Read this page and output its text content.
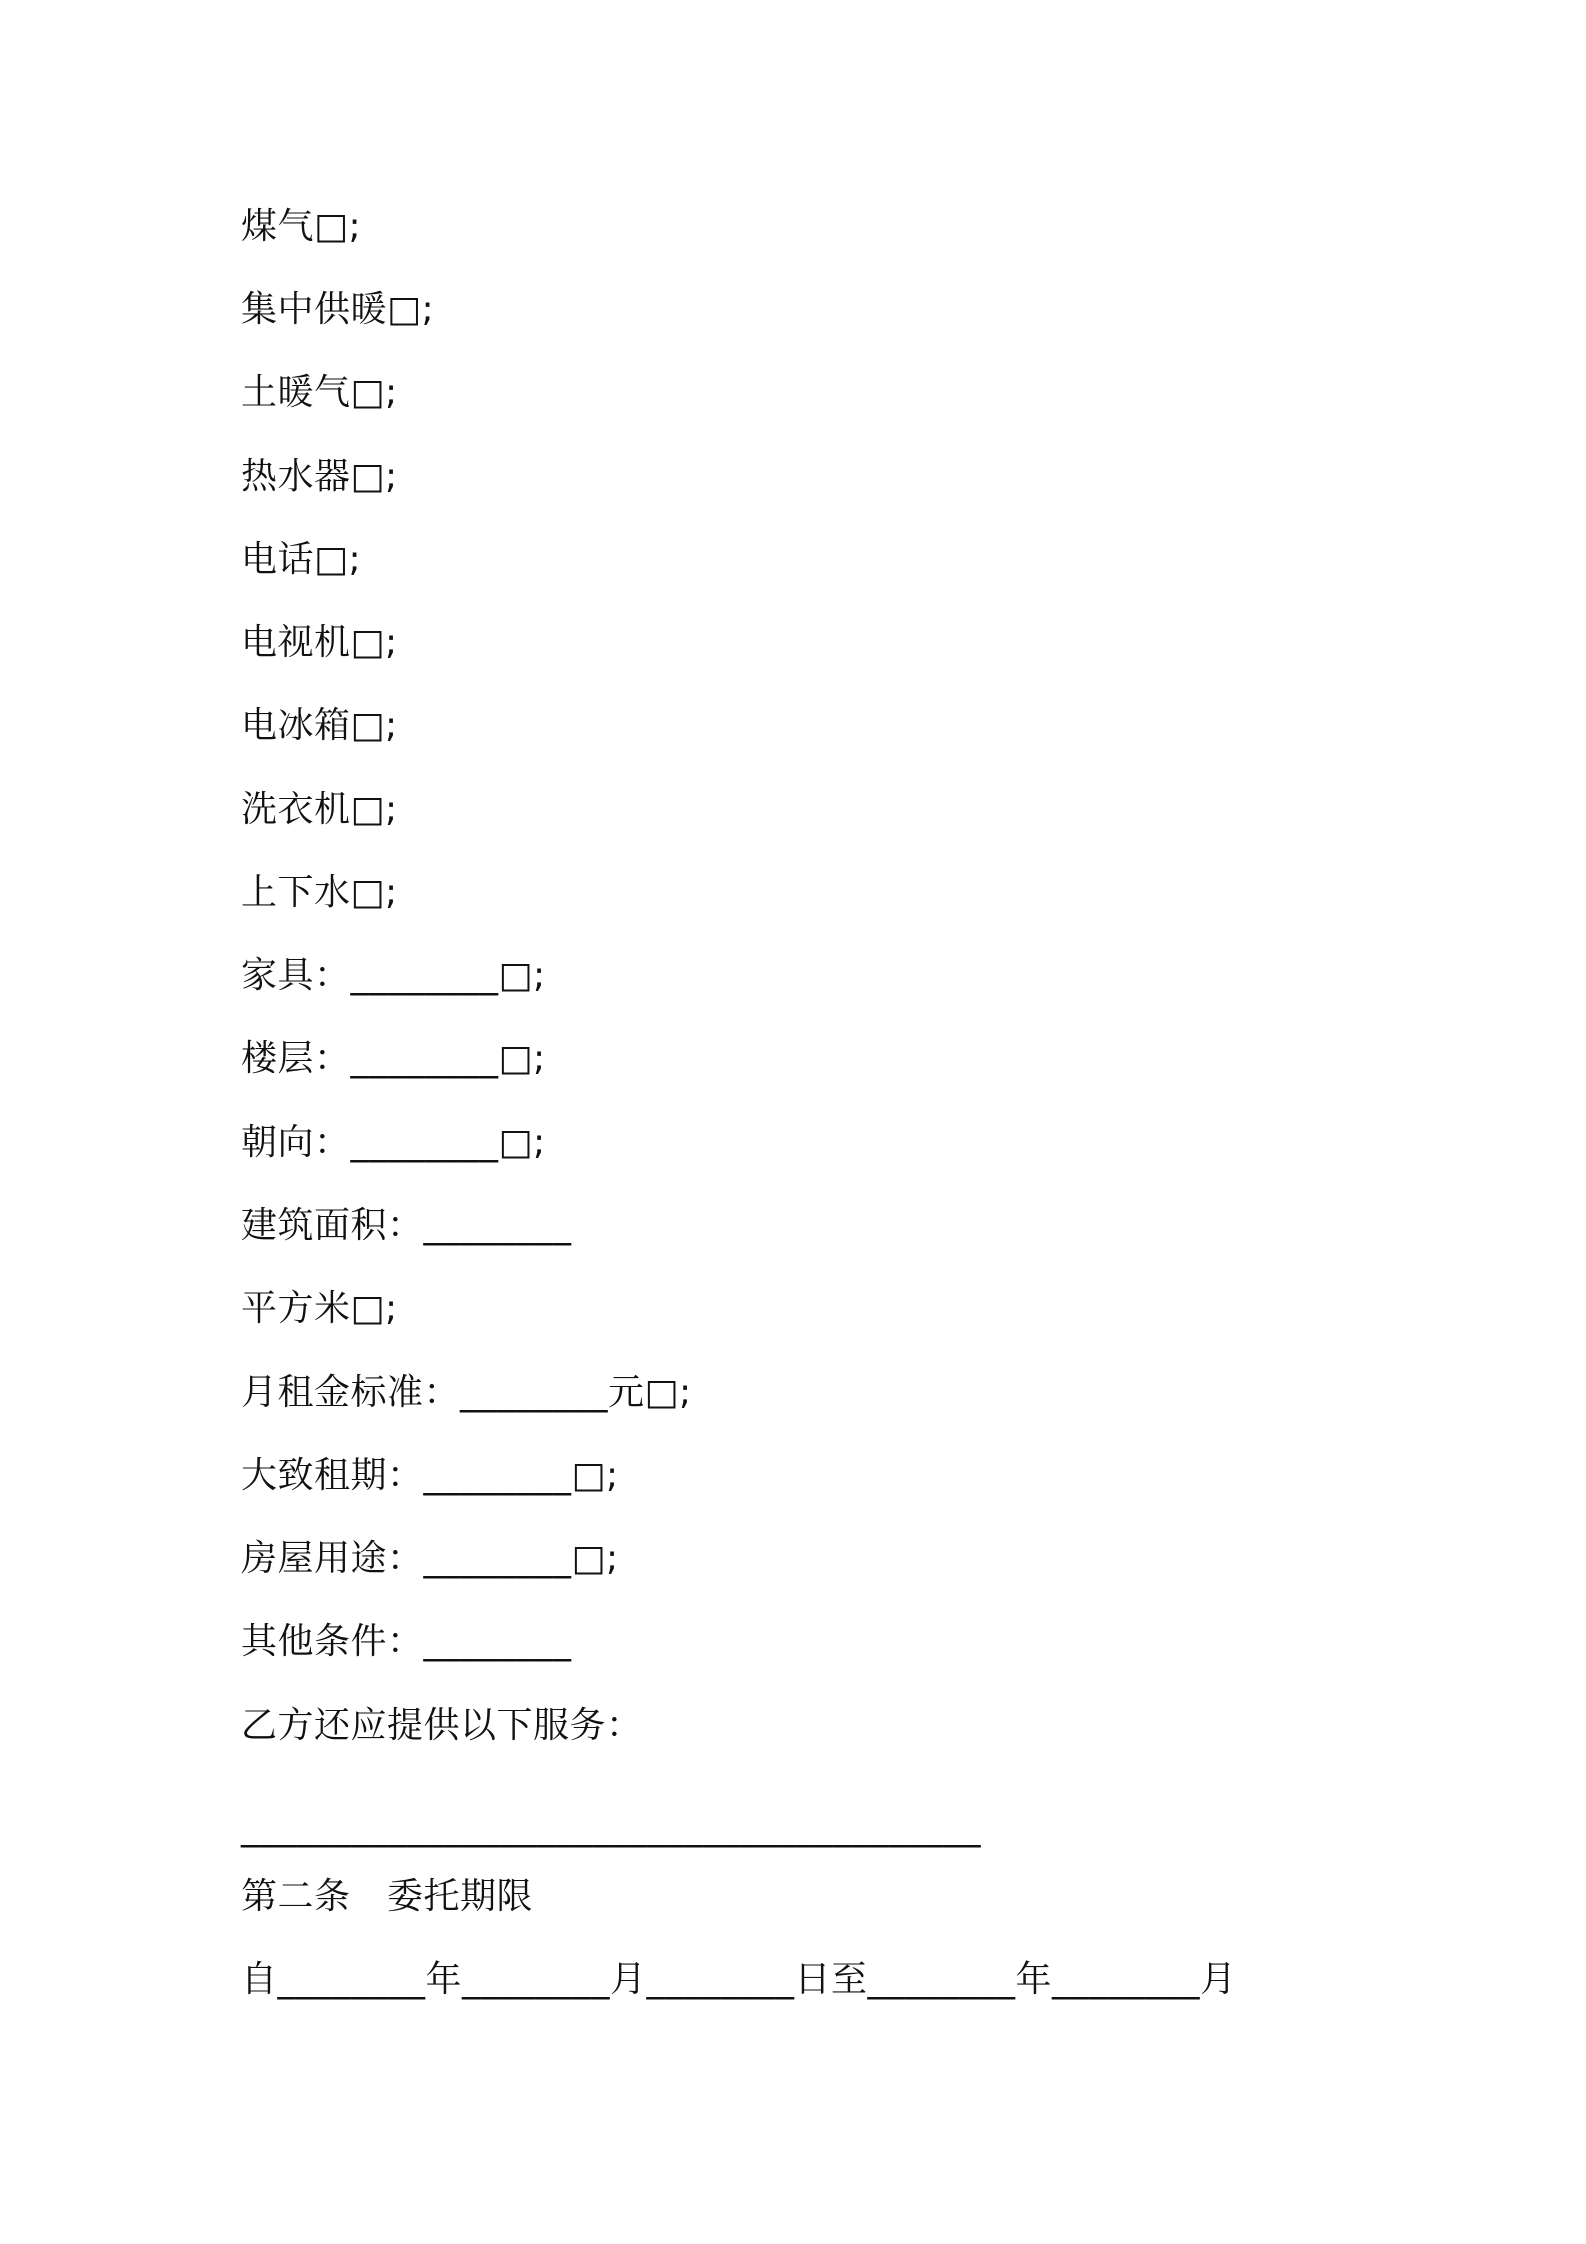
煤气□;
集中供暖□;
土暖气□;
热水器□;
电话□;
电视机□;
电冰箱□;
洗衣机□;
上下水□;
家具：________□;
楼层：________□;
朝向：________□;
建筑面积：________
平方米□;
月租金标准：________元□;
大致租期：________□;
房屋用途：________□;
其他条件：________
乙方还应提供以下服务：
________________________________________
第二条　委托期限
自________年________月________日至________年________月
